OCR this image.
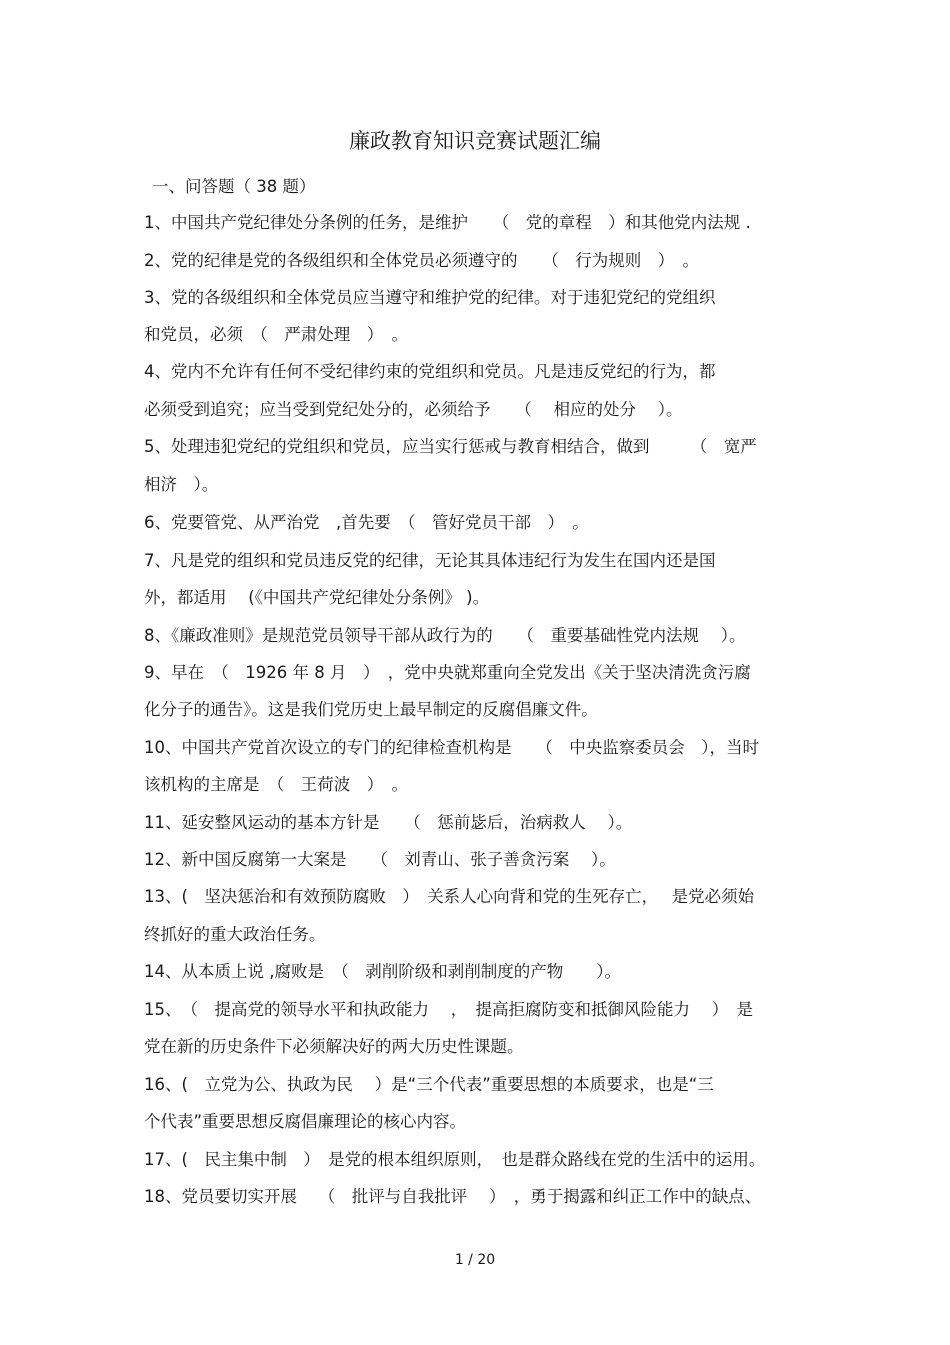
廉政教育知识竞赛试题汇编
一、问答题（ 38 题）
1、中国共产党纪律处分条例的任务，是维护　　（　党的章程　）和其他党内法规 .
2、党的纪律是党的各级组织和全体党员必须遵守的　　（　行为规则　）　。
3、党的各级组织和全体党员应当遵守和维护党的纪律。对于违犯党纪的党组织
和党员，必须　（　严肃处理　）　。
4、党内不允许有任何不受纪律约束的党组织和党员。凡是违反党纪的行为，都
必须受到追究；应当受到党纪处分的，必须给予　　（　 相应的处分　 ）。
5、处理违犯党纪的党组织和党员，应当实行惩戒与教育相结合，做到　　　（　宽严
相济　）。
6、党要管党、从严治党　,首先要　（　管好党员干部　）　。
7、凡是党的组织和党员违反党的纪律，无论其具体违纪行为发生在国内还是国
外，都适用　 (《中国共产党纪律处分条例》 )。
8、《廉政准则》是规范党员领导干部从政行为的　　（　重要基础性党内法规　 ）。
9、早在　（　1926 年 8 月　）　，党中央就郑重向全党发出《关于坚决清洗贪污腐
化分子的通告》。这是我们党历史上最早制定的反腐倡廉文件。
10、中国共产党首次设立的专门的纪律检查机构是　　（　中央监察委员会　），当时
该机构的主席是　（　王荷波　）　。
11、延安整风运动的基本方针是　　（　惩前毖后，治病救人　 ）。
12、新中国反腐第一大案是　　（　刘青山、张子善贪污案　 ）。
13、(　坚决惩治和有效预防腐败　）　关系人心向背和党的生死存亡，　 是党必须始
终抓好的重大政治任务。
14、从本质上说 ,腐败是　（　剥削阶级和剥削制度的产物　　）。
15、　（　提高党的领导水平和执政能力　 ，　提高拒腐防变和抵御风险能力　 ）　是
党在新的历史条件下必须解决好的两大历史性课题。
16、(　立党为公、执政为民　 ）是“三个代表”重要思想的本质要求，也是“三
个代表”重要思想反腐倡廉理论的核心内容。
17、(　民主集中制　）　是党的根本组织原则，　也是群众路线在党的生活中的运用。
18、党员要切实开展　 （　批评与自我批评　 ）　，勇于揭露和纠正工作中的缺点、
1 / 20
